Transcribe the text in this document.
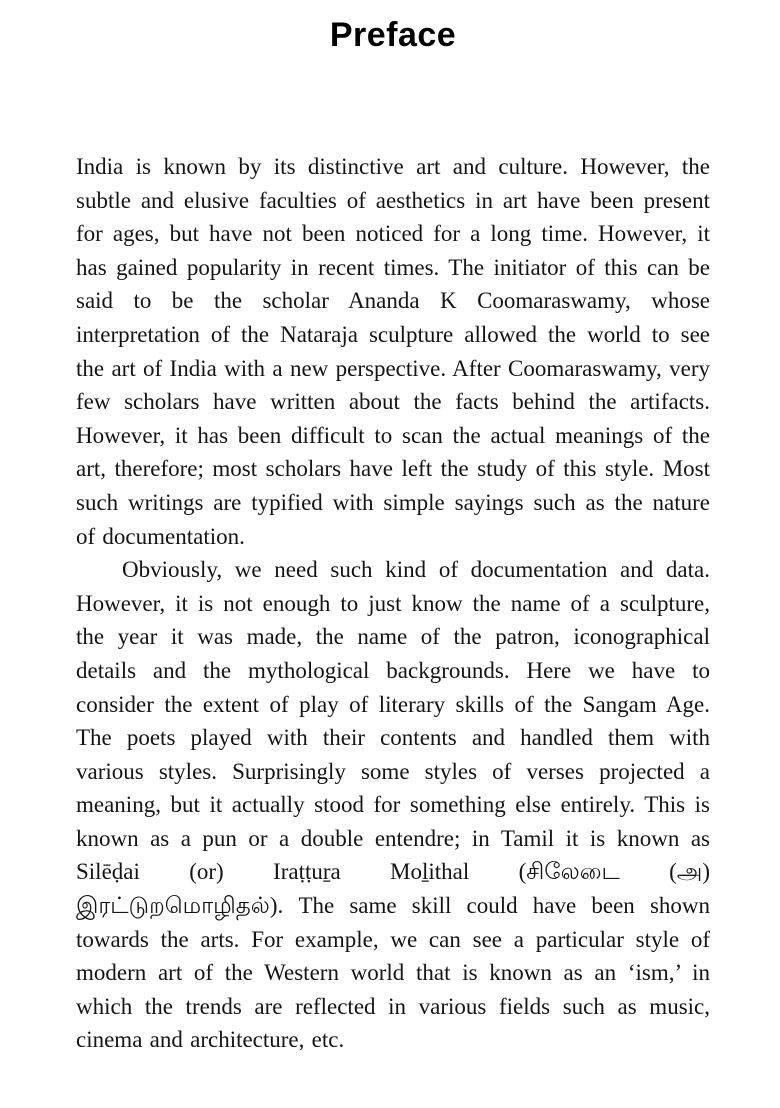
Preface

India is known by its distinctive art and culture. However, the subtle and elusive faculties of aesthetics in art have been present for ages, but have not been noticed for a long time. However, it has gained popularity in recent times. The initiator of this can be said to be the scholar Ananda K Coomaraswamy, whose interpretation of the Nataraja sculpture allowed the world to see the art of India with a new perspective. After Coomaraswamy, very few scholars have written about the facts behind the artifacts. However, it has been difficult to scan the actual meanings of the art, therefore; most scholars have left the study of this style. Most such writings are typified with simple sayings such as the nature of documentation.

Obviously, we need such kind of documentation and data. However, it is not enough to just know the name of a sculpture, the year it was made, the name of the patron, iconographical details and the mythological backgrounds. Here we have to consider the extent of play of literary skills of the Sangam Age. The poets played with their contents and handled them with various styles. Surprisingly some styles of verses projected a meaning, but it actually stood for something else entirely. This is known as a pun or a double entendre; in Tamil it is known as Silēḍai (or) Iraṭṭuṟa Moḻithal (சிலேடை (அ) இரட்டுறமொழிதல்). The same skill could have been shown towards the arts. For example, we can see a particular style of modern art of the Western world that is known as an ‘ism,’ in which the trends are reflected in various fields such as music, cinema and architecture, etc.
